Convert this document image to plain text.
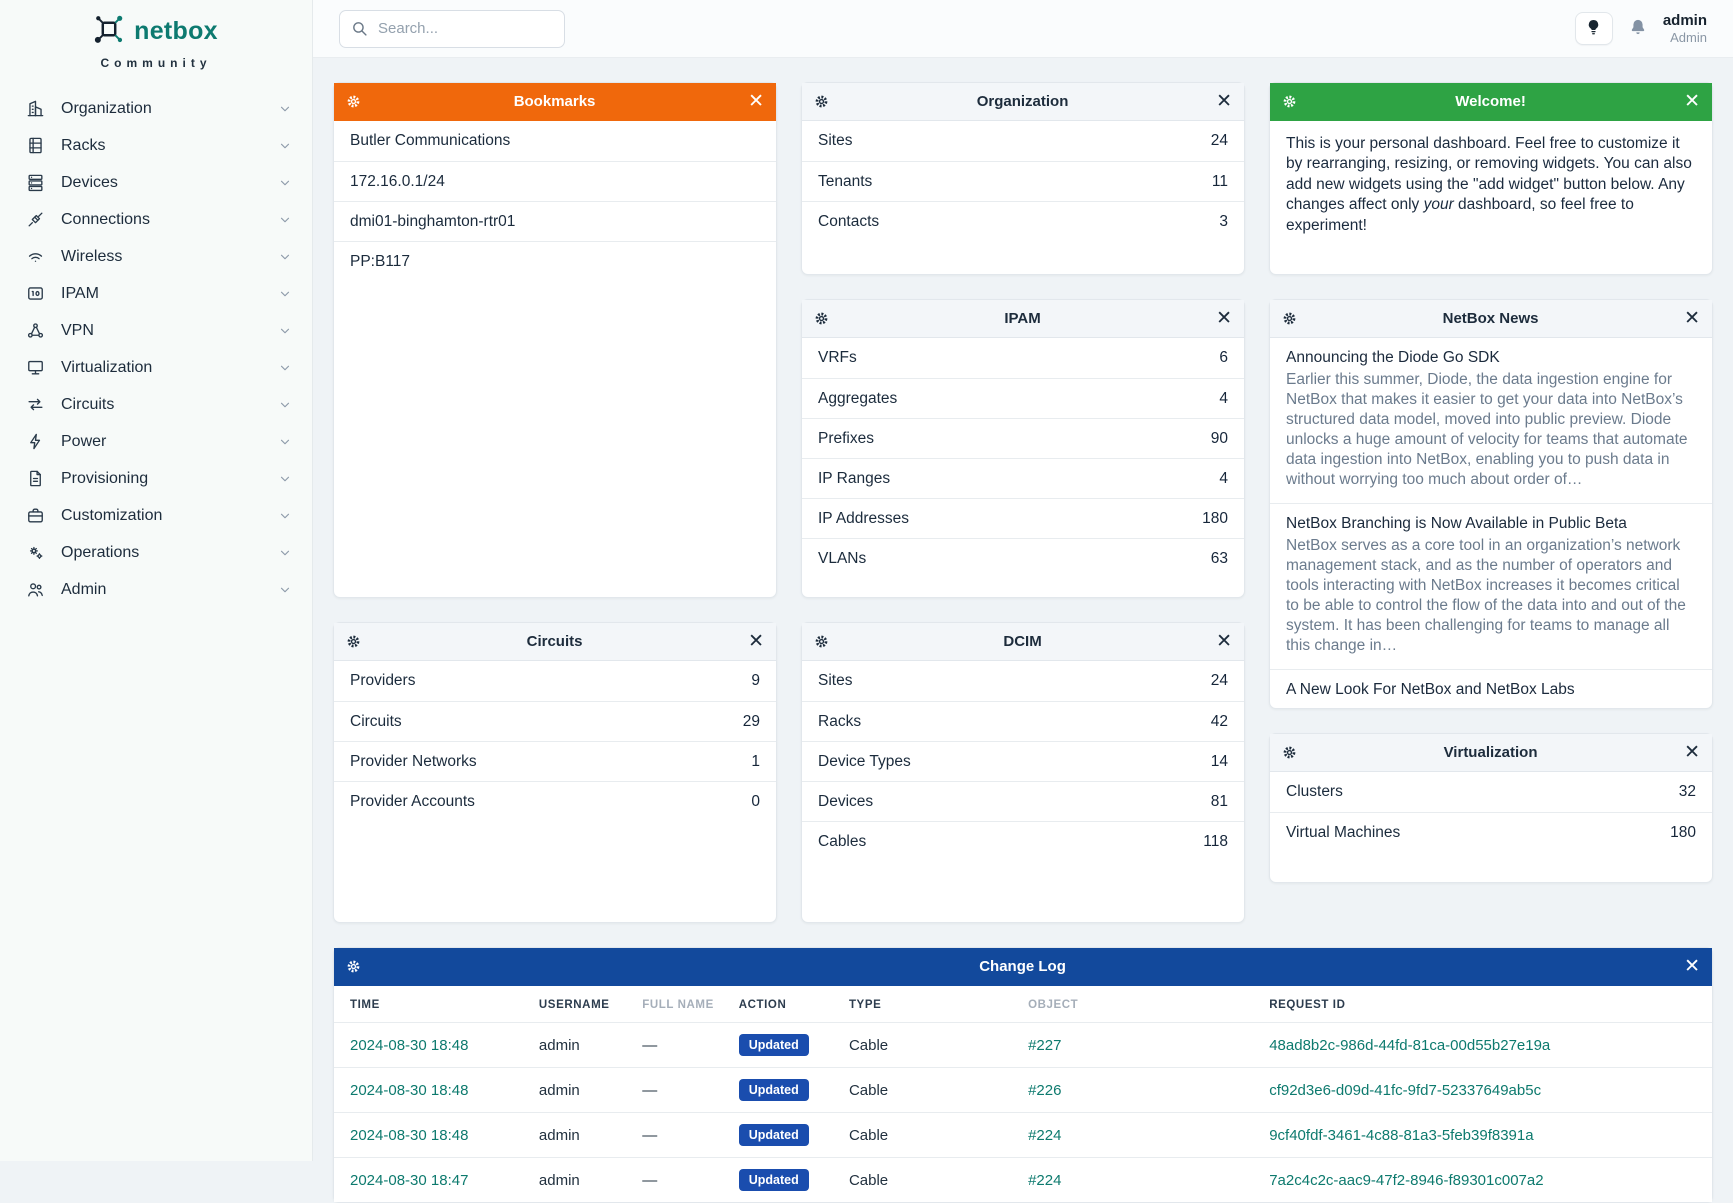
netbox
Community
Organization
Racks
Devices
Connections
Wireless
IPAM
VPN
Virtualization
Circuits
Power
Provisioning
Customization
Operations
Admin
Search...
admin
Admin
Bookmarks	✕
Butler Communications
172.16.0.1/24
dmi01-binghamton-rtr01
PP:B117
Circuits	✕
Providers	9
Circuits	29
Provider Networks	1
Provider Accounts	0
Organization	✕
Sites	24
Tenants	11
Contacts	3
IPAM	✕
VRFs	6
Aggregates	4
Prefixes	90
IP Ranges	4
IP Addresses	180
VLANs	63
DCIM	✕
Sites	24
Racks	42
Device Types	14
Devices	81
Cables	118
Welcome!	✕
This is your personal dashboard. Feel free to customize it by rearranging, resizing, or removing widgets. You can also add new widgets using the "add widget" button below. Any changes affect only your dashboard, so feel free to experiment!
NetBox News	✕
Announcing the Diode Go SDK

Earlier this summer, Diode, the data ingestion engine for NetBox that makes it easier to get your data into NetBox’s structured data model, moved into public preview. Diode unlocks a huge amount of velocity for teams that automate data ingestion into NetBox, enabling you to push data in without worrying too much about order of…

NetBox Branching is Now Available in Public Beta

NetBox serves as a core tool in an organization’s network management stack, and as the number of operators and tools interacting with NetBox increases it becomes critical to be able to control the flow of the data into and out of the system. It has been challenging for teams to manage all this change in…

A New Look For NetBox and NetBox Labs
Virtualization	✕
Clusters	32
Virtual Machines	180
Change Log	✕
TIME	USERNAME	FULL NAME	ACTION	TYPE	OBJECT	REQUEST ID
2024-08-30 18:48	admin	—	Updated	Cable	#227	48ad8b2c-986d-44fd-81ca-00d55b27e19a
2024-08-30 18:48	admin	—	Updated	Cable	#226	cf92d3e6-d09d-41fc-9fd7-52337649ab5c
2024-08-30 18:48	admin	—	Updated	Cable	#224	9cf40fdf-3461-4c88-81a3-5feb39f8391a
2024-08-30 18:47	admin	—	Updated	Cable	#224	7a2c4c2c-aac9-47f2-8946-f89301c007a2
